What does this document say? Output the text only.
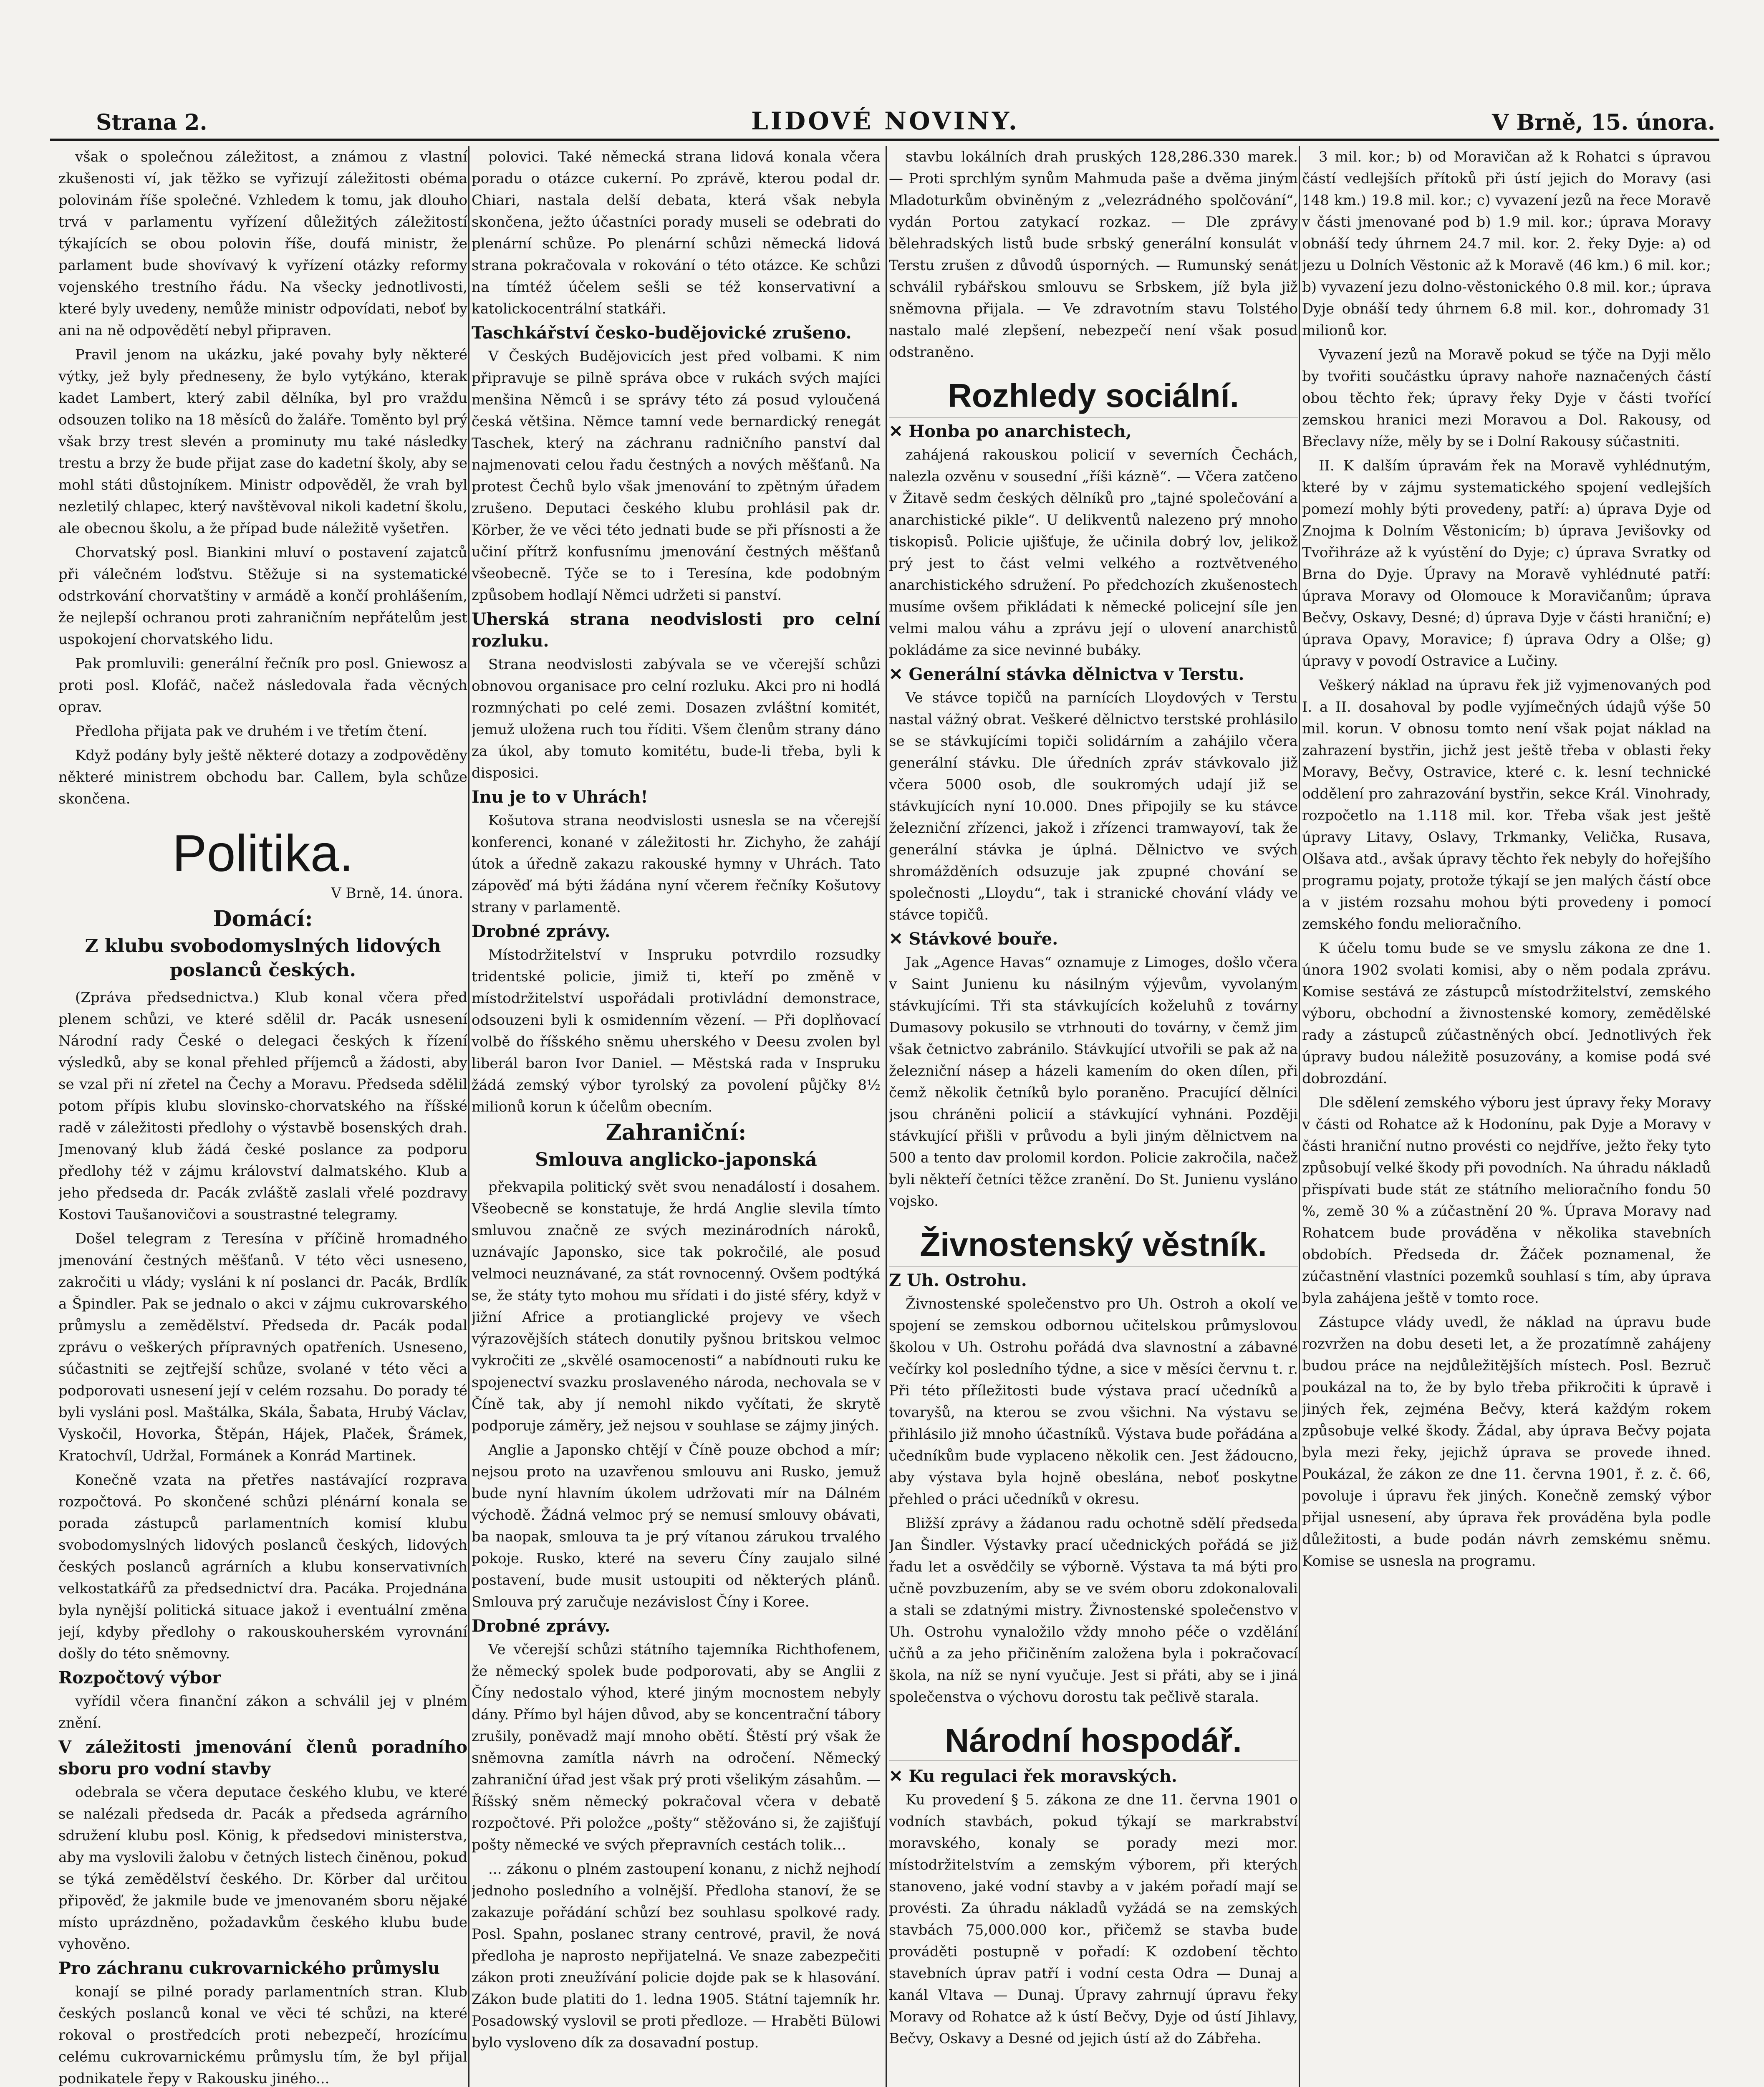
Strana 2.	LIDOVÉ NOVINY.	V Brně, 15. února.

však o společnou záležitost, a známou z vlastní zkušenosti ví, jak těžko se vyřizují záležitosti obéma polovinám říše společné. Vzhledem k tomu, jak dlouho trvá v parlamentu vyřízení důležitých záležitostí týkajících se obou polovin říše, doufá ministr, že parlament bude shovívavý k vyřízení otázky reformy vojenského trestního řádu. Na všecky jednotlivosti, které byly uvedeny, nemůže ministr odpovídati, neboť by ani na ně odpovědětí nebyl připraven.

Pravil jenom na ukázku, jaké povahy byly některé výtky, jež byly předneseny, že bylo vytýkáno, kterak kadet Lambert, který zabil dělníka, byl pro vraždu odsouzen toliko na 18 měsíců do žaláře. Toměnto byl prý však brzy trest slevén a prominuty mu také následky trestu a brzy že bude přijat zase do kadetní školy, aby se mohl státi důstojníkem. Ministr odpověděl, že vrah byl nezletilý chlapec, který navštěvoval nikoli kadetní školu, ale obecnou školu, a že případ bude náležitě vyšetřen.

Chorvatský posl. Biankini mluví o postavení zajatců při válečném loďstvu. Stěžuje si na systematické odstrkování chorvatštiny v armádě a končí prohlášením, že nejlepší ochranou proti zahraničním nepřátelům jest uspokojení chorvatského lidu.

Pak promluvili: generální řečník pro posl. Gniewosz a proti posl. Klofáč, načež následovala řada věcných oprav.

Předloha přijata pak ve druhém i ve třetím čtení.

Když podány byly ještě některé dotazy a zodpověděny některé ministrem obchodu bar. Callem, byla schůze skončena.

Politika.
V Brně, 14. února.
Domácí:
Z klubu svobodomyslných lidových poslanců českých.

(Zpráva předsednictva.) Klub konal včera před plenem schůzi, ve které sdělil dr. Pacák usnesení Národní rady České o delegaci českých k řízení výsledků, aby se konal přehled příjemců a žádosti, aby se vzal při ní zřetel na Čechy a Moravu. Předseda sdělil potom přípis klubu slovinsko-chorvatského na říšské radě v záležitosti předlohy o výstavbě bosenských drah. Jmenovaný klub žádá české poslance za podporu předlohy též v zájmu království dalmatského. Klub a jeho předseda dr. Pacák zvláště zaslali vřelé pozdravy Kostovi Taušanovičovi a soustrastné telegramy.

Došel telegram z Teresína v příčině hromadného jmenování čestných měšťanů. V této věci usneseno, zakročiti u vlády; vysláni k ní poslanci dr. Pacák, Brdlík a Špindler. Pak se jednalo o akci v zájmu cukrovarského průmyslu a zemědělství. Předseda dr. Pacák podal zprávu o veškerých přípravných opatřeních. Usneseno, súčastniti se zejtřejší schůze, svolané v této věci a podporovati usnesení její v celém rozsahu. Do porady té byli vysláni posl. Maštálka, Skála, Šabata, Hrubý Václav, Vyskočil, Hovorka, Štěpán, Hájek, Plaček, Šrámek, Kratochvíl, Udržal, Formánek a Konrád Martinek.

Konečně vzata na přetřes nastávající rozprava rozpočtová. Po skončené schůzi plénární konala se porada zástupců parlamentních komisí klubu svobodomyslných lidových poslanců českých, lidových českých poslanců agrárních a klubu konservativních velkostatkářů za předsednictví dra. Pacáka. Projednána byla nynější politická situace jakož i eventuální změna její, kdyby předlohy o rakouskouherském vyrovnání došly do této sněmovny.

Rozpočtový výbor

vyřídil včera finanční zákon a schválil jej v plném znění.

V záležitosti jmenování členů poradního sboru pro vodní stavby

odebrala se včera deputace českého klubu, ve které se nalézali předseda dr. Pacák a předseda agrárního sdružení klubu posl. König, k předsedovi ministerstva, aby ma vyslovili žalobu v četných listech činěnou, pokud se týká zemědělství českého. Dr. Körber dal určitou připověď, že jakmile bude ve jmenovaném sboru nějaké místo uprázdněno, požadavkům českého klubu bude vyhověno.

Pro záchranu cukrovarnického průmyslu

konají se pilné porady parlamentních stran. Klub českých poslanců konal ve věci té schůzi, na které rokoval o prostředcích proti nebezpečí, hrozícímu celému cukrovarnickému průmyslu tím, že byl přijal podnikatele řepy v Rakousku jiného...

polovici. Také německá strana lidová konala včera poradu o otázce cukerní. Po zprávě, kterou podal dr. Chiari, nastala delší debata, která však nebyla skončena, ježto účastníci porady museli se odebrati do plenární schůze. Po plenární schůzi německá lidová strana pokračovala v rokování o této otázce. Ke schůzi na tímtéž účelem sešli se též konservativní a katolickocentrální statkáři.

Taschkářství česko-budějovické zrušeno.

V Českých Budějovicích jest před volbami. K nim připravuje se pilně správa obce v rukách svých majíci menšina Němců i se správy této zá posud vyloučená česká většina. Němce tamní vede bernardický renegát Taschek, který na záchranu radničního panství dal najmenovati celou řadu čestných a nových měšťanů. Na protest Čechů bylo však jmenování to zpětným úřadem zrušeno. Deputaci českého klubu prohlásil pak dr. Körber, že ve věci této jednati bude se při přísnosti a že učiní přítrž konfusnímu jmenování čestných měšťanů všeobecně. Týče se to i Teresína, kde podobným způsobem hodlají Němci udržeti si panství.

Uherská strana neodvislosti pro celní rozluku.

Strana neodvislosti zabývala se ve včerejší schůzi obnovou organisace pro celní rozluku. Akci pro ni hodlá rozmnýchati po celé zemi. Dosazen zvláštní komitét, jemuž uložena ruch tou říditi. Všem členům strany dáno za úkol, aby tomuto komitétu, bude-li třeba, byli k disposici.

Inu je to v Uhrách!

Košutova strana neodvislosti usnesla se na včerejší konferenci, konané v záležitosti hr. Zichyho, že zahájí útok a úředně zakazu rakouské hymny v Uhrách. Tato zápověď má býti žádána nyní včerem řečníky Košutovy strany v parlamentě.

Drobné zprávy.

Místodržitelství v Inspruku potvrdilo rozsudky tridentské policie, jimiž ti, kteří po změně v místodržitelství uspořádali protivládní demonstrace, odsouzeni byli k osmidenním vězení. — Při doplňovací volbě do říšského sněmu uherského v Deesu zvolen byl liberál baron Ivor Daniel. — Městská rada v Inspruku žádá zemský výbor tyrolský za povolení půjčky 8½ milionů korun k účelům obecním.

Zahraniční:
Smlouva anglicko-japonská

překvapila politický svět svou nenadálostí i dosahem. Všeobecně se konstatuje, že hrdá Anglie slevila tímto smluvou značně ze svých mezinárodních nároků, uznávajíc Japonsko, sice tak pokročilé, ale posud velmoci neuznávané, za stát rovnocenný. Ovšem podtýká se, že státy tyto mohou mu sřídati i do jisté sféry, když v jižní Africe a protianglické projevy ve všech výrazovějších státech donutily pyšnou britskou velmoc vykročiti ze „skvělé osamocenosti“ a nabídnouti ruku ke spojenectví svazku proslaveného národa, nechovala se v Číně tak, aby jí nemohl nikdo vyčítati, že skrytě podporuje záměry, jež nejsou v souhlase se zájmy jiných.

Anglie a Japonsko chtějí v Číně pouze obchod a mír; nejsou proto na uzavřenou smlouvu ani Rusko, jemuž bude nyní hlavním úkolem udržovati mír na Dálném východě. Žádná velmoc prý se nemusí smlouvy obávati, ba naopak, smlouva ta je prý vítanou zárukou trvalého pokoje. Rusko, které na severu Číny zaujalo silné postavení, bude musit ustoupiti od některých plánů. Smlouva prý zaručuje nezávislost Číny i Koree.

Drobné zprávy.

Ve včerejší schůzi státního tajemníka Richthofenem, že německý spolek bude podporovati, aby se Anglii z Číny nedostalo výhod, které jiným mocnostem nebyly dány. Přímo byl hájen důvod, aby se koncentrační tábory zrušily, poněvadž mají mnoho obětí. Štěstí prý však že sněmovna zamítla návrh na odročení. Německý zahraniční úřad jest však prý proti všelikým zásahům. — Říšský sněm německý pokračoval včera v debatě rozpočtové. Při položce „pošty“ stěžováno si, že zajišťují pošty německé ve svých přepravních cestách tolik...

... zákonu o plném zastoupení konanu, z nichž nejhodí jednoho posledního a volnější. Předloha stanoví, že se zakazuje pořádání schůzí bez souhlasu spolkové rady. Posl. Spahn, poslanec strany centrové, pravil, že nová předloha je naprosto nepřijatelná. Ve snaze zabezpečiti zákon proti zneužívání policie dojde pak se k hlasování. Zákon bude platiti do 1. ledna 1905. Státní tajemník hr. Posadowský vyslovil se proti předloze. — Hraběti Bülowi bylo vysloveno dík za dosavadní postup.

stavbu lokálních drah pruských 128,286.330 marek. — Proti sprchlým synům Mahmuda paše a dvěma jiným Mladoturkům obviněným z „velezrádného spolčování“, vydán Portou zatykací rozkaz. — Dle zprávy bělehradských listů bude srbský generální konsulát v Terstu zrušen z důvodů úsporných. — Rumunský senát schválil rybářskou smlouvu se Srbskem, jíž byla již sněmovna přijala. — Ve zdravotním stavu Tolstého nastalo malé zlepšení, nebezpečí není však posud odstraněno.

Rozhledy sociální.
✕ Honba po anarchistech,

zahájená rakouskou policií v severních Čechách, nalezla ozvěnu v sousední „říši kázně“. — Včera zatčeno v Žitavě sedm českých dělníků pro „tajné společování a anarchistické pikle“. U delikventů nalezeno prý mnoho tiskopisů. Policie ujišťuje, že učinila dobrý lov, jelikož prý jest to část velmi velkého a roztvětveného anarchistického sdružení. Po předchozích zkušenostech musíme ovšem přikládati k německé policejní síle jen velmi malou váhu a zprávu její o ulovení anarchistů pokládáme za sice nevinné bubáky.

✕ Generální stávka dělnictva v Terstu.

Ve stávce topičů na parnících Lloydových v Terstu nastal vážný obrat. Veškeré dělnictvo terstské prohlásilo se se stávkujícími topiči solidárním a zahájilo včera generální stávku. Dle úředních zpráv stávkovalo již včera 5000 osob, dle soukromých udají již se stávkujících nyní 10.000. Dnes připojily se ku stávce železniční zřízenci, jakož i zřízenci tramwayoví, tak že generální stávka je úplná. Dělnictvo ve svých shromážděních odsuzuje jak zpupné chování se společnosti „Lloydu“, tak i stranické chování vlády ve stávce topičů.

✕ Stávkové bouře.

Jak „Agence Havas“ oznamuje z Limoges, došlo včera v Saint Junienu ku násilným výjevům, vyvolaným stávkujícími. Tři sta stávkujících koželuhů z továrny Dumasovy pokusilo se vtrhnouti do továrny, v čemž jim však četnictvo zabránilo. Stávkující utvořili se pak až na železniční násep a házeli kamením do oken dílen, při čemž několik četníků bylo poraněno. Pracující dělníci jsou chráněni policií a stávkující vyhnáni. Později stávkující přišli v průvodu a byli jiným dělnictvem na 500 a tento dav prolomil kordon. Policie zakročila, načež byli někteří četníci těžce zranění. Do St. Junienu vysláno vojsko.

Živnostenský věstník.
Z Uh. Ostrohu.

Živnostenské společenstvo pro Uh. Ostroh a okolí ve spojení se zemskou odbornou učitelskou průmyslovou školou v Uh. Ostrohu pořádá dva slavnostní a zábavné večírky kol posledního týdne, a sice v měsíci červnu t. r. Při této příležitosti bude výstava prací učedníků a tovaryšů, na kterou se zvou všichni. Na výstavu se přihlásilo již mnoho účastníků. Výstava bude pořádána a učedníkům bude vyplaceno několik cen. Jest žádoucno, aby výstava byla hojně obeslána, neboť poskytne přehled o práci učedníků v okresu.

Bližší zprávy a žádanou radu ochotně sdělí předseda Jan Šindler. Výstavky prací učednických pořádá se již řadu let a osvědčily se výborně. Výstava ta má býti pro učně povzbuzením, aby se ve svém oboru zdokonalovali a stali se zdatnými mistry. Živnostenské společenstvo v Uh. Ostrohu vynaložilo vždy mnoho péče o vzdělání učňů a za jeho přičiněním založena byla i pokračovací škola, na níž se nyní vyučuje. Jest si přáti, aby se i jiná společenstva o výchovu dorostu tak pečlivě starala.

Národní hospodář.
✕ Ku regulaci řek moravských.

Ku provedení § 5. zákona ze dne 11. června 1901 o vodních stavbách, pokud týkají se markrabství moravského, konaly se porady mezi mor. místodržitelstvím a zemským výborem, při kterých stanoveno, jaké vodní stavby a v jakém pořadí mají se provésti. Za úhradu nákladů vyžádá se na zemských stavbách 75,000.000 kor., přičemž se stavba bude prováděti postupně v pořadí: K ozdobení těchto stavebních úprav patří i vodní cesta Odra — Dunaj a kanál Vltava — Dunaj. Úpravy zahrnují úpravu řeky Moravy od Rohatce až k ústí Bečvy, Dyje od ústí Jihlavy, Bečvy, Oskavy a Desné od jejich ústí až do Zábřeha.

3 mil. kor.; b) od Moravičan až k Rohatci s úpravou částí vedlejších přítoků při ústí jejich do Moravy (asi 148 km.) 19.8 mil. kor.; c) vyvazení jezů na řece Moravě v části jmenované pod b) 1.9 mil. kor.; úprava Moravy obnáší tedy úhrnem 24.7 mil. kor. 2. řeky Dyje: a) od jezu u Dolních Věstonic až k Moravě (46 km.) 6 mil. kor.; b) vyvazení jezu dolno-věstonického 0.8 mil. kor.; úprava Dyje obnáší tedy úhrnem 6.8 mil. kor., dohromady 31 milionů kor.

Vyvazení jezů na Moravě pokud se týče na Dyji mělo by tvořiti součástku úpravy nahoře naznačených částí obou těchto řek; úpravy řeky Dyje v části tvořící zemskou hranici mezi Moravou a Dol. Rakousy, od Břeclavy níže, měly by se i Dolní Rakousy súčastniti.

II. K dalším úpravám řek na Moravě vyhlédnutým, které by v zájmu systematického spojení vedlejších pomezí mohly býti provedeny, patří: a) úprava Dyje od Znojma k Dolním Věstonicím; b) úprava Jevišovky od Tvořihráze až k vyústění do Dyje; c) úprava Svratky od Brna do Dyje. Úpravy na Moravě vyhlédnuté patří: úprava Moravy od Olomouce k Moravičanům; úprava Bečvy, Oskavy, Desné; d) úprava Dyje v části hraniční; e) úprava Opavy, Moravice; f) úprava Odry a Olše; g) úpravy v povodí Ostravice a Lučiny.

Veškerý náklad na úpravu řek již vyjmenovaných pod I. a II. dosahoval by podle vyjímečných údajů výše 50 mil. korun. V obnosu tomto není však pojat náklad na zahrazení bystřin, jichž jest ještě třeba v oblasti řeky Moravy, Bečvy, Ostravice, které c. k. lesní technické oddělení pro zahrazování bystřin, sekce Král. Vinohrady, rozpočetlo na 1.118 mil. kor. Třeba však jest ještě úpravy Litavy, Oslavy, Trkmanky, Velička, Rusava, Olšava atd., avšak úpravy těchto řek nebyly do hořejšího programu pojaty, protože týkají se jen malých částí obce a v jistém rozsahu mohou býti provedeny i pomocí zemského fondu melioračního.

K účelu tomu bude se ve smyslu zákona ze dne 1. února 1902 svolati komisi, aby o něm podala zprávu. Komise sestává ze zástupců místodržitelství, zemského výboru, obchodní a živnostenské komory, zemědělské rady a zástupců zúčastněných obcí. Jednotlivých řek úpravy budou náležitě posuzovány, a komise podá své dobrozdání.

Dle sdělení zemského výboru jest úpravy řeky Moravy v části od Rohatce až k Hodonínu, pak Dyje a Moravy v části hraniční nutno provésti co nejdříve, ježto řeky tyto způsobují velké škody při povodních. Na úhradu nákladů přispívati bude stát ze státního melioračního fondu 50 %, země 30 % a zúčastnění 20 %. Úprava Moravy nad Rohatcem bude prováděna v několika stavebních obdobích. Předseda dr. Žáček poznamenal, že zúčastnění vlastníci pozemků souhlasí s tím, aby úprava byla zahájena ještě v tomto roce.

Zástupce vlády uvedl, že náklad na úpravu bude rozvržen na dobu deseti let, a že prozatímně zahájeny budou práce na nejdůležitějších místech. Posl. Bezruč poukázal na to, že by bylo třeba přikročiti k úpravě i jiných řek, zejména Bečvy, která každým rokem způsobuje velké škody. Žádal, aby úprava Bečvy pojata byla mezi řeky, jejichž úprava se provede ihned. Poukázal, že zákon ze dne 11. června 1901, ř. z. č. 66, povoluje i úpravu řek jiných. Konečně zemský výbor přijal usnesení, aby úprava řek prováděna byla podle důležitosti, a bude podán návrh zemskému sněmu. Komise se usnesla na programu.
